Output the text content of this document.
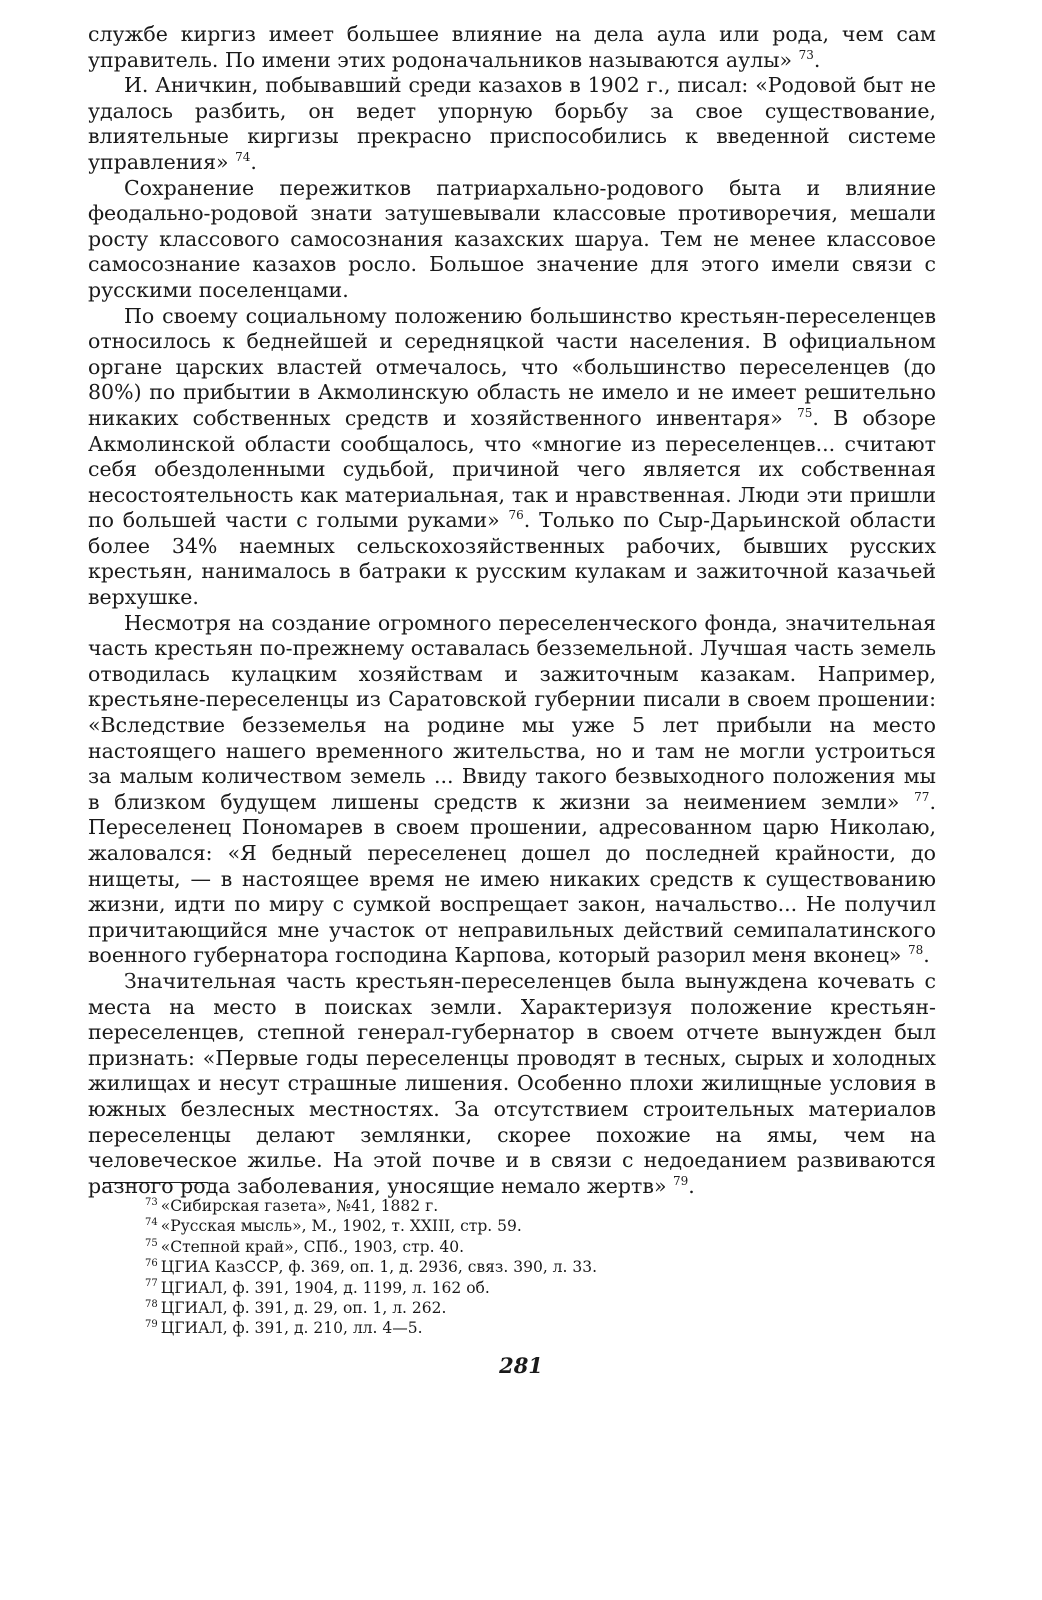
службе киргиз имеет большее влияние на дела аула или рода, чем сам управитель. По имени этих родоначальников называются аулы» $^{73}$.

И. Аничкин, побывавший среди казахов в 1902 г., писал: «Родовой быт не удалось разбить, он ведет упорную борьбу за свое существование, влиятельные киргизы прекрасно приспособились к введенной системе управления» $^{74}$.

Сохранение пережитков патриархально-родового быта и влияние феодально-родовой знати затушевывали классовые противоречия, мешали росту классового самосознания казахских шаруа. Тем не менее классовое самосознание казахов росло. Большое значение для этого имели связи с русскими поселенцами.

По своему социальному положению большинство крестьян-переселенцев относилось к беднейшей и середняцкой части населения. В официальном органе царских властей отмечалось, что «большинство переселенцев (до 80%) по прибытии в Акмолинскую область не имело и не имеет решительно никаких собственных средств и хозяйственного инвентаря» $^{75}$. В обзоре Акмолинской области сообщалось, что «многие из переселенцев... считают себя обездоленными судьбой, причиной чего является их собственная несостоятельность как материальная, так и нравственная. Люди эти пришли по большей части с голыми руками» $^{76}$. Только по Сыр-Дарьинской области более 34% наемных сельскохозяйственных рабочих, бывших русских крестьян, нанималось в батраки к русским кулакам и зажиточной казачьей верхушке.

Несмотря на создание огромного переселенческого фонда, значительная часть крестьян по-прежнему оставалась безземельной. Лучшая часть земель отводилась кулацким хозяйствам и зажиточным казакам. Например, крестьяне-переселенцы из Саратовской губернии писали в своем прошении: «Вследствие безземелья на родине мы уже 5 лет прибыли на место настоящего нашего временного жительства, но и там не могли устроиться за малым количеством земель ... Ввиду такого безвыходного положения мы в близком будущем лишены средств к жизни за неимением земли» $^{77}$. Переселенец Пономарев в своем прошении, адресованном царю Николаю, жаловался: «Я бедный переселенец дошел до последней крайности, до нищеты, — в настоящее время не имею никаких средств к существованию жизни, идти по миру с сумкой воспрещает закон, начальство... Не получил причитающийся мне участок от неправильных действий семипалатинского военного губернатора господина Карпова, который разорил меня вконец» $^{78}$.

Значительная часть крестьян-переселенцев была вынуждена кочевать с места на место в поисках земли. Характеризуя положение крестьян-переселенцев, степной генерал-губернатор в своем отчете вынужден был признать: «Первые годы переселенцы проводят в тесных, сырых и холодных жилищах и несут страшные лишения. Особенно плохи жилищные условия в южных безлесных местностях. За отсутствием строительных материалов переселенцы делают землянки, скорее похожие на ямы, чем на человеческое жилье. На этой почве и в связи с недоеданием развиваются разного рода заболевания, уносящие немало жертв» $^{79}$.

$^{73}$ «Сибирская газета», №41, 1882 г.
$^{74}$ «Русская мысль», М., 1902, т. XXIII, стр. 59.
$^{75}$ «Степной край», СПб., 1903, стр. 40.
$^{76}$ ЦГИА КазССР, ф. 369, оп. 1, д. 2936, связ. 390, л. 33.
$^{77}$ ЦГИАЛ, ф. 391, 1904, д. 1199, л. 162 об.
$^{78}$ ЦГИАЛ, ф. 391, д. 29, оп. 1, л. 262.
$^{79}$ ЦГИАЛ, ф. 391, д. 210, лл. 4—5.
281
